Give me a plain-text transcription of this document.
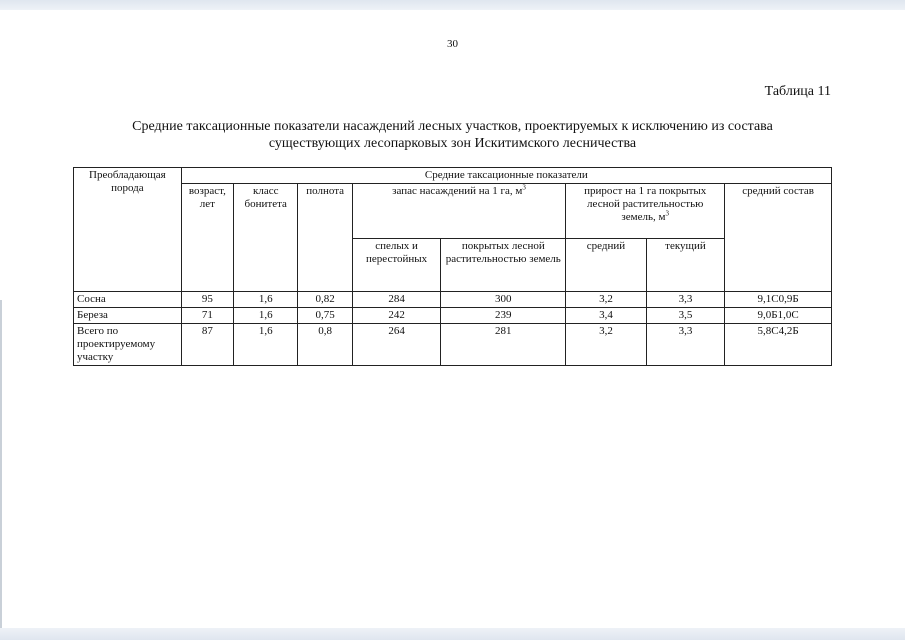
30
Таблица 11
Средние таксационные показатели насаждений лесных участков, проектируемых к исключению из состава
существующих лесопарковых зон Искитимского лесничества
Преобладающая порода	Средние таксационные показатели							
	возраст, лет	класс бонитета	полнота	запас насаждений на 1 га, $м^3$		прирост на 1 га покрытых лесной растительностью земель, $м^3$		средний состав
				спелых и перестойных	покрытых лесной растительностью земель	средний	текущий	
Сосна	95	1,6	0,82	284	300	3,2	3,3	9,1С0,9Б
Береза	71	1,6	0,75	242	239	3,4	3,5	9,0Б1,0С
Всего по проектируемому участку	87	1,6	0,8	264	281	3,2	3,3	5,8С4,2Б
